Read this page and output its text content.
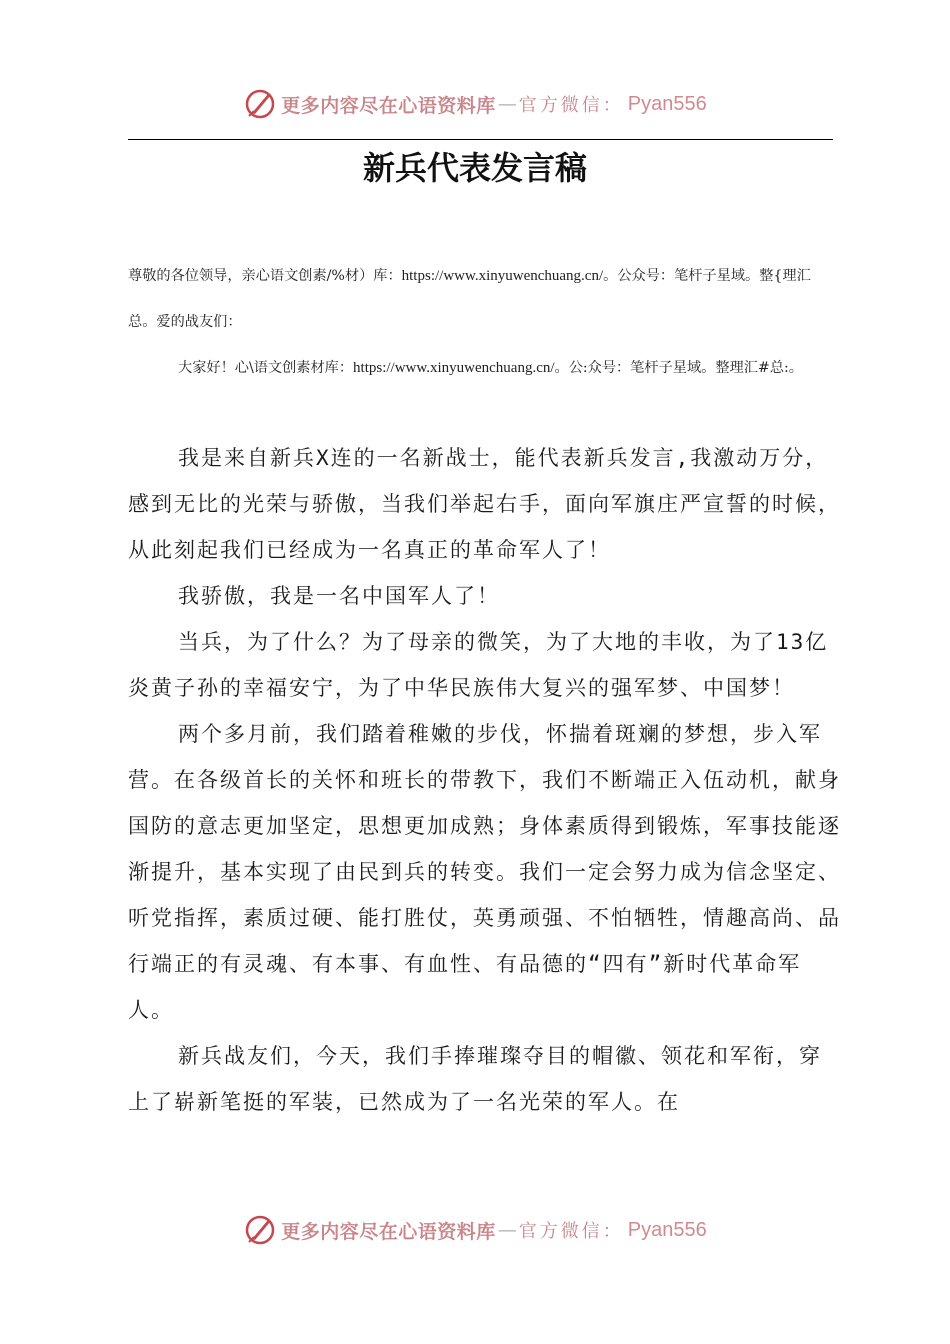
更多内容尽在心语资料库 — 官方微信： Pyan556
新兵代表发言稿
尊敬的各位领导，亲心语文创素/%材）库：https://www.xinyuwenchuang.cn/。公众号：笔杆子星域。整{理汇总。爱的战友们：
大家好！心\语文创素材库：https://www.xinyuwenchuang.cn/。公:众号：笔杆子星域。整理汇#总:。

我是来自新兵X连的一名新战士，能代表新兵发言,我激动万分，感到无比的光荣与骄傲，当我们举起右手，面向军旗庄严宣誓的时候，从此刻起我们已经成为一名真正的革命军人了！

我骄傲，我是一名中国军人了！

当兵，为了什么？为了母亲的微笑，为了大地的丰收，为了13亿炎黄子孙的幸福安宁，为了中华民族伟大复兴的强军梦、中国梦！

两个多月前，我们踏着稚嫩的步伐，怀揣着斑斓的梦想，步入军营。在各级首长的关怀和班长的带教下，我们不断端正入伍动机，献身国防的意志更加坚定，思想更加成熟；身体素质得到锻炼，军事技能逐渐提升，基本实现了由民到兵的转变。我们一定会努力成为信念坚定、听党指挥，素质过硬、能打胜仗，英勇顽强、不怕牺牲，情趣高尚、品行端正的有灵魂、有本事、有血性、有品德的“四有”新时代革命军人。

新兵战友们，今天，我们手捧璀璨夺目的帽徽、领花和军衔，穿上了崭新笔挺的军装，已然成为了一名光荣的军人。在

更多内容尽在心语资料库 — 官方微信： Pyan556
